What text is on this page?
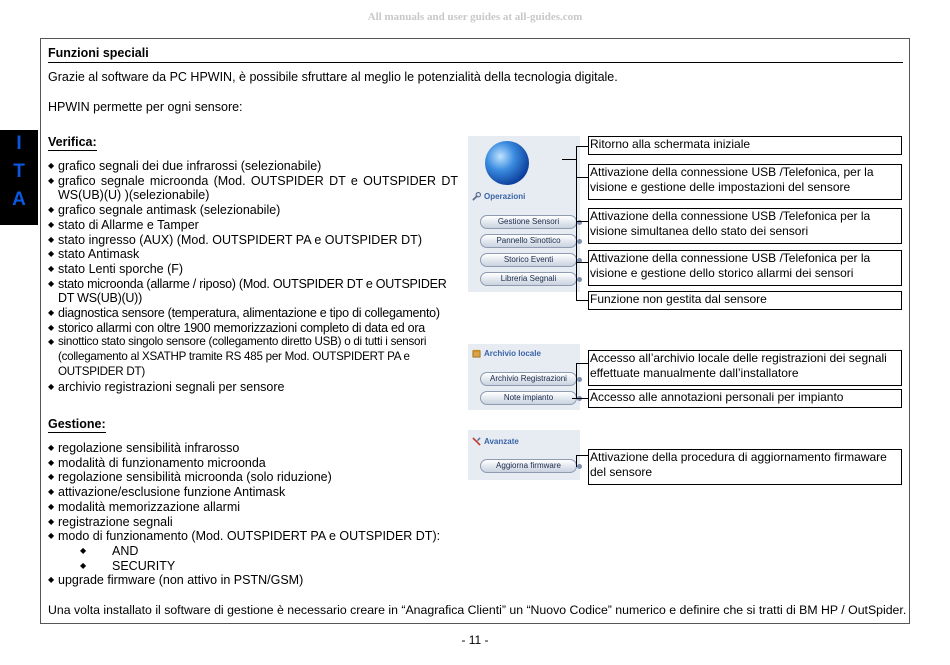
All manuals and user guides at all-guides.com
I
T
A
Funzioni speciali
Grazie al software da PC HPWIN, è possibile sfruttare al meglio le potenzialità della tecnologia digitale.
HPWIN permette per ogni sensore:
Verifica:
◆ grafico segnali dei due infrarossi (selezionabile)
◆ grafico segnale microonda (Mod. OUTSPIDER DT e OUTSPIDER DT WS(UB)(U) )(selezionabile)
◆ grafico segnale antimask (selezionabile)
◆ stato di Allarme e Tamper
◆ stato ingresso (AUX) (Mod. OUTSPIDERT PA e OUTSPIDER DT)
◆ stato Antimask
◆ stato Lenti sporche (F)
◆ stato microonda (allarme / riposo) (Mod. OUTSPIDER DT e OUTSPIDER DT WS(UB)(U))
◆ diagnostica sensore (temperatura, alimentazione e tipo di collegamento)
◆ storico allarmi con oltre 1900 memorizzazioni completo di data ed ora
◆ sinottico stato singolo sensore (collegamento diretto USB) o di tutti i sensori (collegamento al XSATHP tramite RS 485 per Mod. OUTSPIDERT PA e OUTSPIDER DT)
◆ archivio registrazioni segnali per sensore
Gestione:
◆ regolazione sensibilità infrarosso
◆ modalità di funzionamento microonda
◆ regolazione sensibilità microonda (solo riduzione)
◆ attivazione/esclusione funzione Antimask
◆ modalità memorizzazione allarmi
◆ registrazione segnali
◆ modo di funzionamento (Mod. OUTSPIDERT PA e OUTSPIDER DT):
◆ AND
◆ SECURITY
◆ upgrade firmware (non attivo in PSTN/GSM)
Operazioni
Gestione Sensori
Pannello Sinottico
Storico Eventi
Libreria Segnali
Archivio locale
Archivio Registrazioni
Note impianto
Avanzate
Aggiorna firmware
Ritorno alla schermata iniziale
Attivazione della connessione USB /Telefonica, per la visione e gestione delle impostazioni del sensore
Attivazione della connessione USB /Telefonica per la visione simultanea dello stato dei sensori
Attivazione della connessione USB /Telefonica per la visione e gestione dello storico allarmi dei sensori
Funzione non gestita dal sensore
Accesso all’archivio locale delle registrazioni dei segnali effettuate manualmente dall’installatore
Accesso alle annotazioni personali per impianto
Attivazione della procedura di aggiornamento firmaware del sensore
Una volta installato il software di gestione è necessario creare in “Anagrafica Clienti” un “Nuovo Codice” numerico e definire che si tratti di BM HP / OutSpider.
- 11 -
